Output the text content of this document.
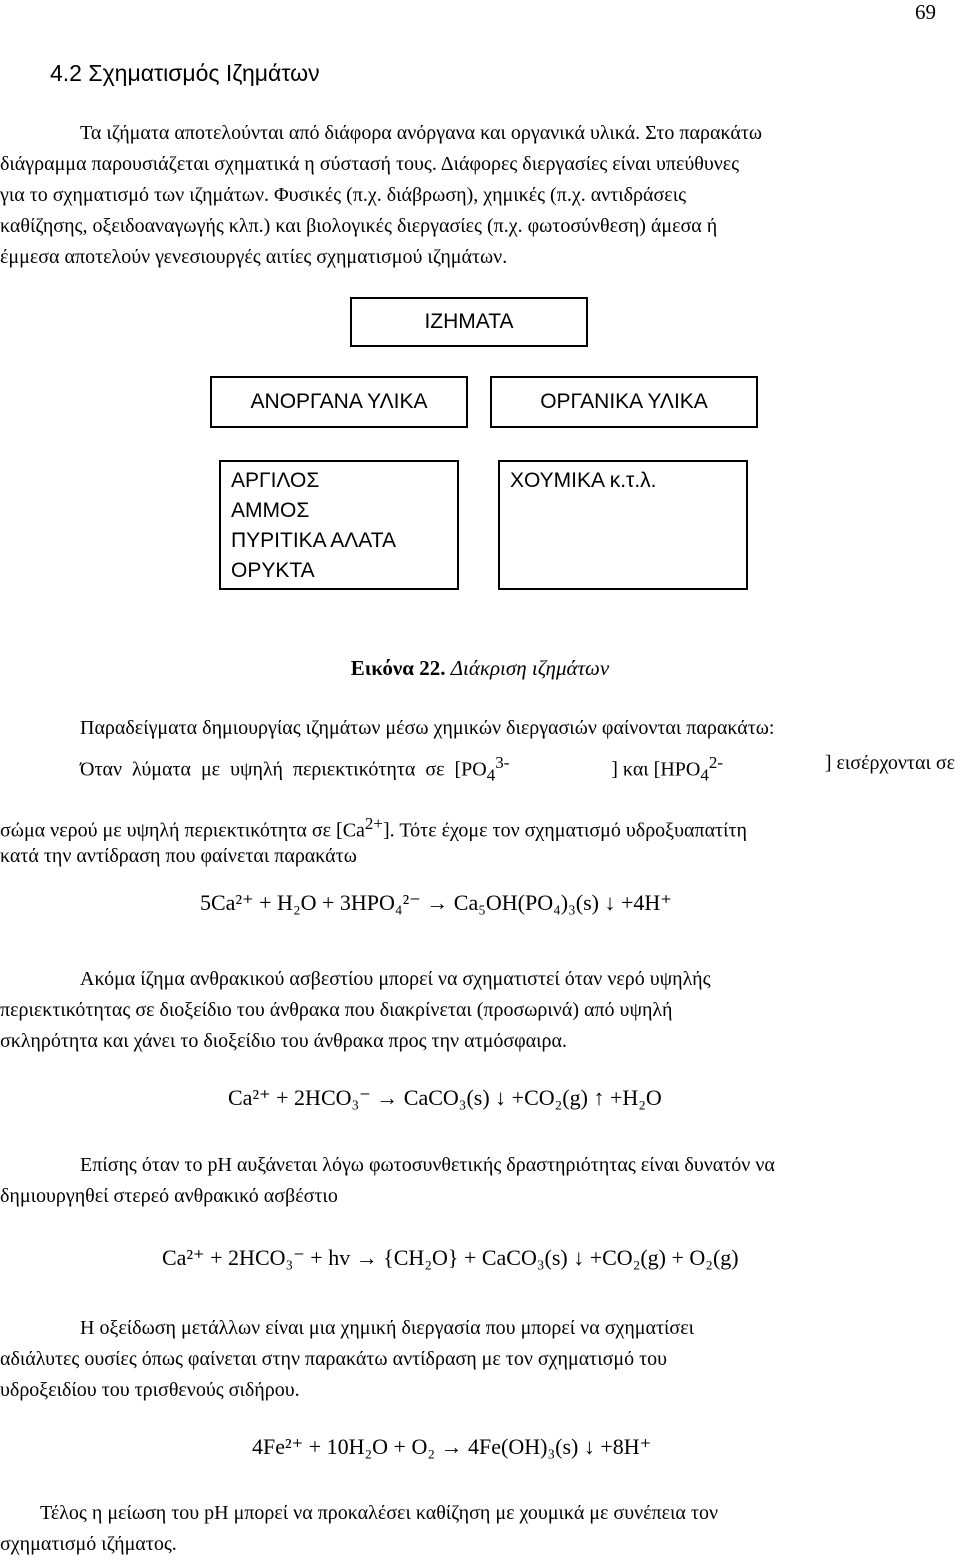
69
4.2 Σχηματισμός Ιζημάτων

Τα ιζήματα αποτελούνται από διάφορα ανόργανα και οργανικά υλικά. Στο παρακάτω

διάγραμμα παρουσιάζεται σχηματικά η σύστασή τους. Διάφορες διεργασίες είναι υπεύθυνες

για το σχηματισμό των ιζημάτων. Φυσικές (π.χ. διάβρωση), χημικές (π.χ. αντιδράσεις

καθίζησης, οξειδοαναγωγής κλπ.) και βιολογικές διεργασίες (π.χ. φωτοσύνθεση) άμεσα ή

έμμεσα αποτελούν γενεσιουργές αιτίες σχηματισμού ιζημάτων.

ΙΖΗΜΑΤΑ
ΑΝΟΡΓΑΝΑ ΥΛΙΚΑ	ΟΡΓΑΝΙΚΑ ΥΛΙΚΑ
ΑΡΓΙΛΟΣ
ΑΜΜΟΣ
ΠΥΡΙΤΙΚΑ ΑΛΑΤΑ
ΟΡΥΚΤΑ
ΧΟΥΜΙΚΑ κ.τ.λ.
Εικόνα 22. Διάκριση ιζημάτων
Παραδείγματα δημιουργίας ιζημάτων μέσω χημικών διεργασιών φαίνονται παρακάτω:
Όταν λύματα με υψηλή περιεκτικότητα σε [$PO_4^{3-}$	] και [$HPO_4^{2-}$	] εισέρχονται σε
σώμα νερού με υψηλή περιεκτικότητα σε $[Ca^{2+}]$. Τότε έχομε τον σχηματισμό υδροξυαπατίτη
κατά την αντίδραση που φαίνεται παρακάτω
5Ca²⁺ + H₂O + 3HPO₄²⁻ → Ca₅OH(PO₄)₃(s) ↓ +4H⁺

Ακόμα ίζημα ανθρακικού ασβεστίου μπορεί να σχηματιστεί όταν νερό υψηλής

περιεκτικότητας σε διοξείδιο του άνθρακα που διακρίνεται (προσωρινά) από υψηλή

σκληρότητα και χάνει το διοξείδιο του άνθρακα προς την ατμόσφαιρα.

Ca²⁺ + 2HCO₃⁻ → CaCO₃(s) ↓ +CO₂(g) ↑ +H₂O

Επίσης όταν το pH αυξάνεται λόγω φωτοσυνθετικής δραστηριότητας είναι δυνατόν να

δημιουργηθεί στερεό ανθρακικό ασβέστιο

Ca²⁺ + 2HCO₃⁻ + hv → {CH₂O} + CaCO₃(s) ↓ +CO₂(g) + O₂(g)

Η οξείδωση μετάλλων είναι μια χημική διεργασία που μπορεί να σχηματίσει

αδιάλυτες ουσίες όπως φαίνεται στην παρακάτω αντίδραση με τον σχηματισμό του

υδροξειδίου του τρισθενούς σιδήρου.

4Fe²⁺ + 10H₂O + O₂ → 4Fe(OH)₃(s) ↓ +8H⁺

Τέλος η μείωση του pH μπορεί να προκαλέσει καθίζηση με χουμικά με συνέπεια τον

σχηματισμό ιζήματος.
